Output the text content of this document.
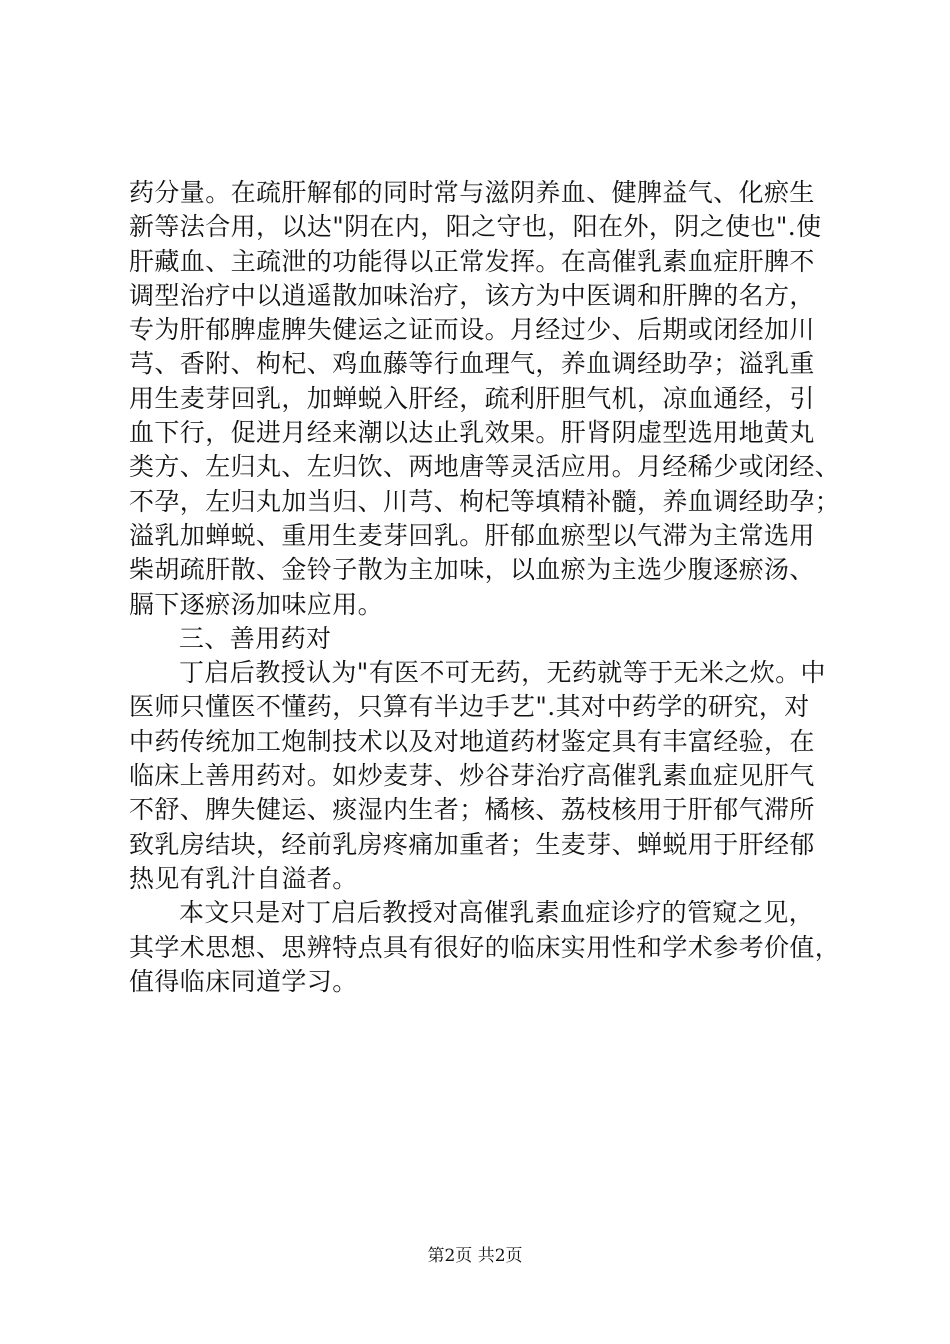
药分量。在疏肝解郁的同时常与滋阴养血、健脾益气、化瘀生
新等法合用，以达"阴在内，阳之守也，阳在外，阴之使也".使
肝藏血、主疏泄的功能得以正常发挥。在高催乳素血症肝脾不
调型治疗中以逍遥散加味治疗，该方为中医调和肝脾的名方，
专为肝郁脾虚脾失健运之证而设。月经过少、后期或闭经加川
芎、香附、枸杞、鸡血藤等行血理气，养血调经助孕；溢乳重
用生麦芽回乳，加蝉蜕入肝经，疏利肝胆气机，凉血通经，引
血下行，促进月经来潮以达止乳效果。肝肾阴虚型选用地黄丸
类方、左归丸、左归饮、两地唐等灵活应用。月经稀少或闭经、
不孕，左归丸加当归、川芎、枸杞等填精补髓，养血调经助孕；
溢乳加蝉蜕、重用生麦芽回乳。肝郁血瘀型以气滞为主常选用
柴胡疏肝散、金铃子散为主加味，以血瘀为主选少腹逐瘀汤、
膈下逐瘀汤加味应用。
三、善用药对
丁启后教授认为"有医不可无药，无药就等于无米之炊。中
医师只懂医不懂药，只算有半边手艺".其对中药学的研究，对
中药传统加工炮制技术以及对地道药材鉴定具有丰富经验，在
临床上善用药对。如炒麦芽、炒谷芽治疗高催乳素血症见肝气
不舒、脾失健运、痰湿内生者；橘核、荔枝核用于肝郁气滞所
致乳房结块，经前乳房疼痛加重者；生麦芽、蝉蜕用于肝经郁
热见有乳汁自溢者。
本文只是对丁启后教授对高催乳素血症诊疗的管窥之见，
其学术思想、思辨特点具有很好的临床实用性和学术参考价值，
值得临床同道学习。
第2页 共2页
